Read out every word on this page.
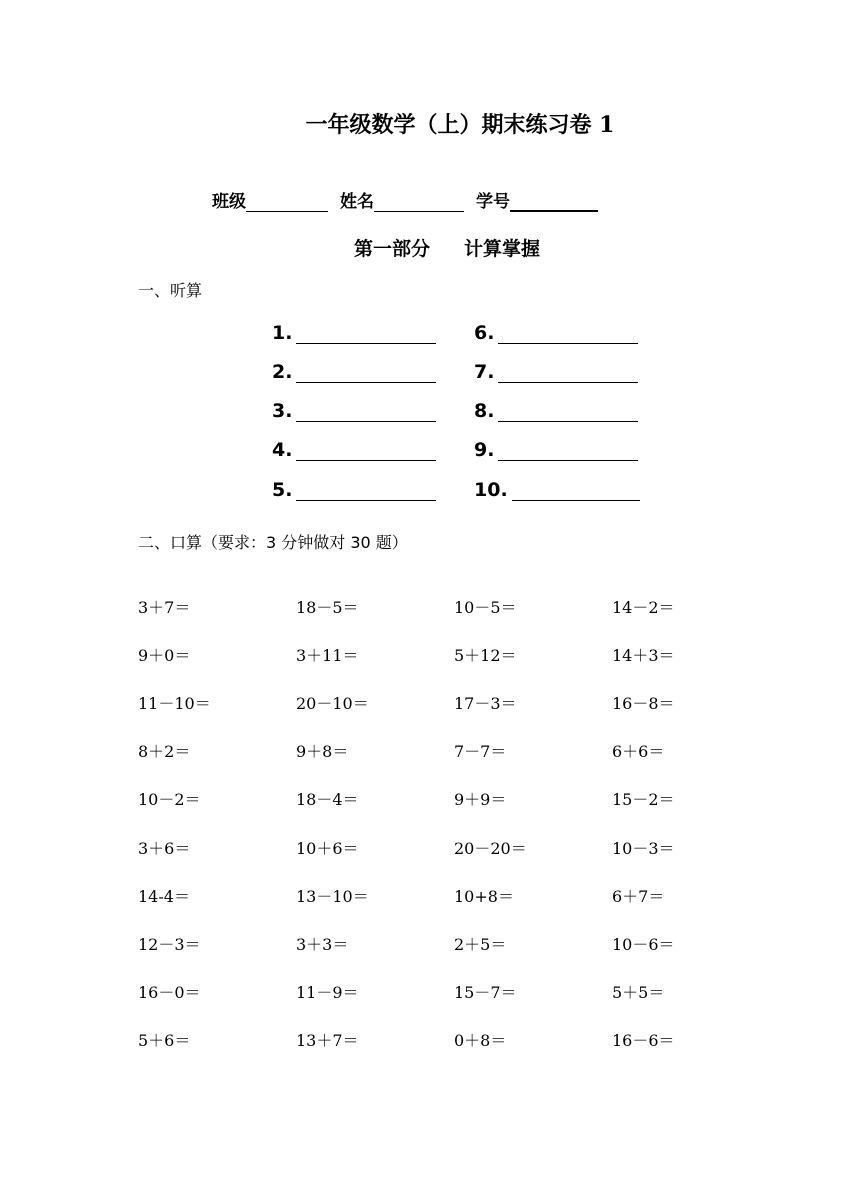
一年级数学（上）期末练习卷 1
班级	姓名	学号
第一部分 计算掌握
一、听算
1.
2.
3.
4.
5.
6.
7.
8.
9.
10.
二、口算（要求：3 分钟做对 30 题）
3＋7＝	18－5＝	10－5＝	14－2＝
9＋0＝	3＋11＝	5＋12＝	14＋3＝
11－10＝	20－10＝	17－3＝	16－8＝
8＋2＝	9＋8＝	7－7＝	6＋6＝
10－2＝	18－4＝	9＋9＝	15－2＝
3＋6＝	10＋6＝	20－20＝	10－3＝
14-4＝	13－10＝	10+8＝	6＋7＝
12－3＝	3＋3＝	2＋5＝	10－6＝
16－0＝	11－9＝	15－7＝	5＋5＝
5＋6＝	13＋7＝	0＋8＝	16－6＝
